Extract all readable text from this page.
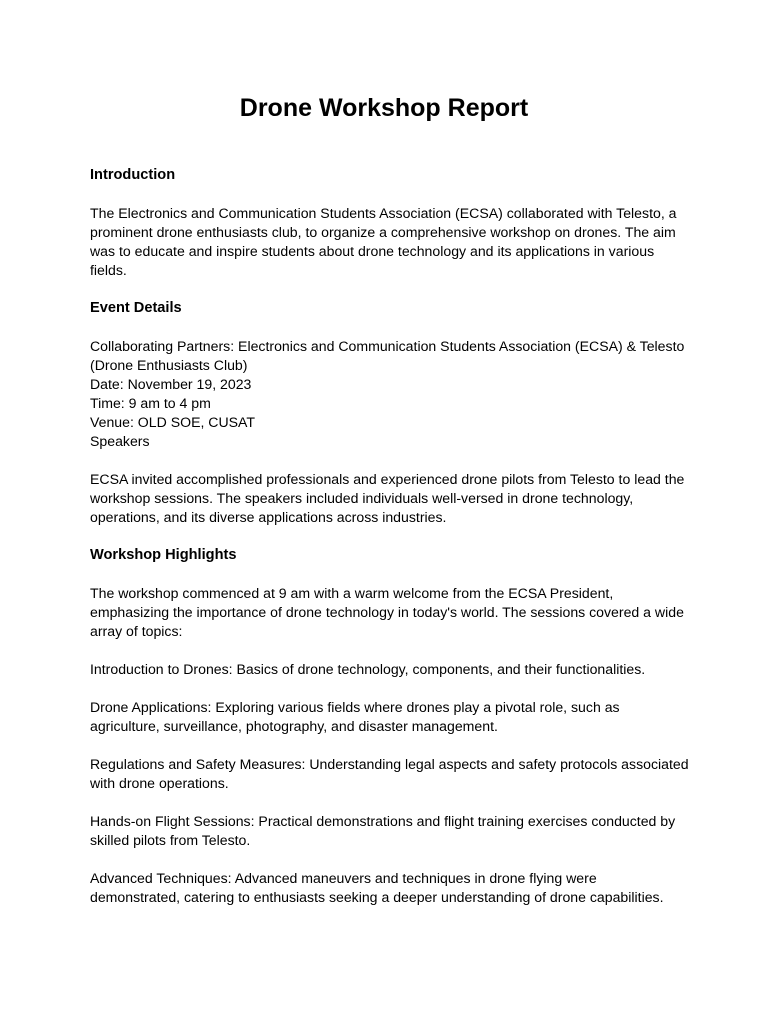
Drone Workshop Report
Introduction

The Electronics and Communication Students Association (ECSA) collaborated with Telesto, a prominent drone enthusiasts club, to organize a comprehensive workshop on drones. The aim was to educate and inspire students about drone technology and its applications in various fields.

Event Details

Collaborating Partners: Electronics and Communication Students Association (ECSA) & Telesto (Drone Enthusiasts Club)

Date: November 19, 2023
Time: 9 am to 4 pm
Venue: OLD SOE, CUSAT
Speakers

ECSA invited accomplished professionals and experienced drone pilots from Telesto to lead the workshop sessions. The speakers included individuals well-versed in drone technology, operations, and its diverse applications across industries.

Workshop Highlights

The workshop commenced at 9 am with a warm welcome from the ECSA President, emphasizing the importance of drone technology in today's world. The sessions covered a wide array of topics:

Introduction to Drones: Basics of drone technology, components, and their functionalities.

Drone Applications: Exploring various fields where drones play a pivotal role, such as agriculture, surveillance, photography, and disaster management.

Regulations and Safety Measures: Understanding legal aspects and safety protocols associated with drone operations.

Hands-on Flight Sessions: Practical demonstrations and flight training exercises conducted by skilled pilots from Telesto.

Advanced Techniques: Advanced maneuvers and techniques in drone flying were demonstrated, catering to enthusiasts seeking a deeper understanding of drone capabilities.
